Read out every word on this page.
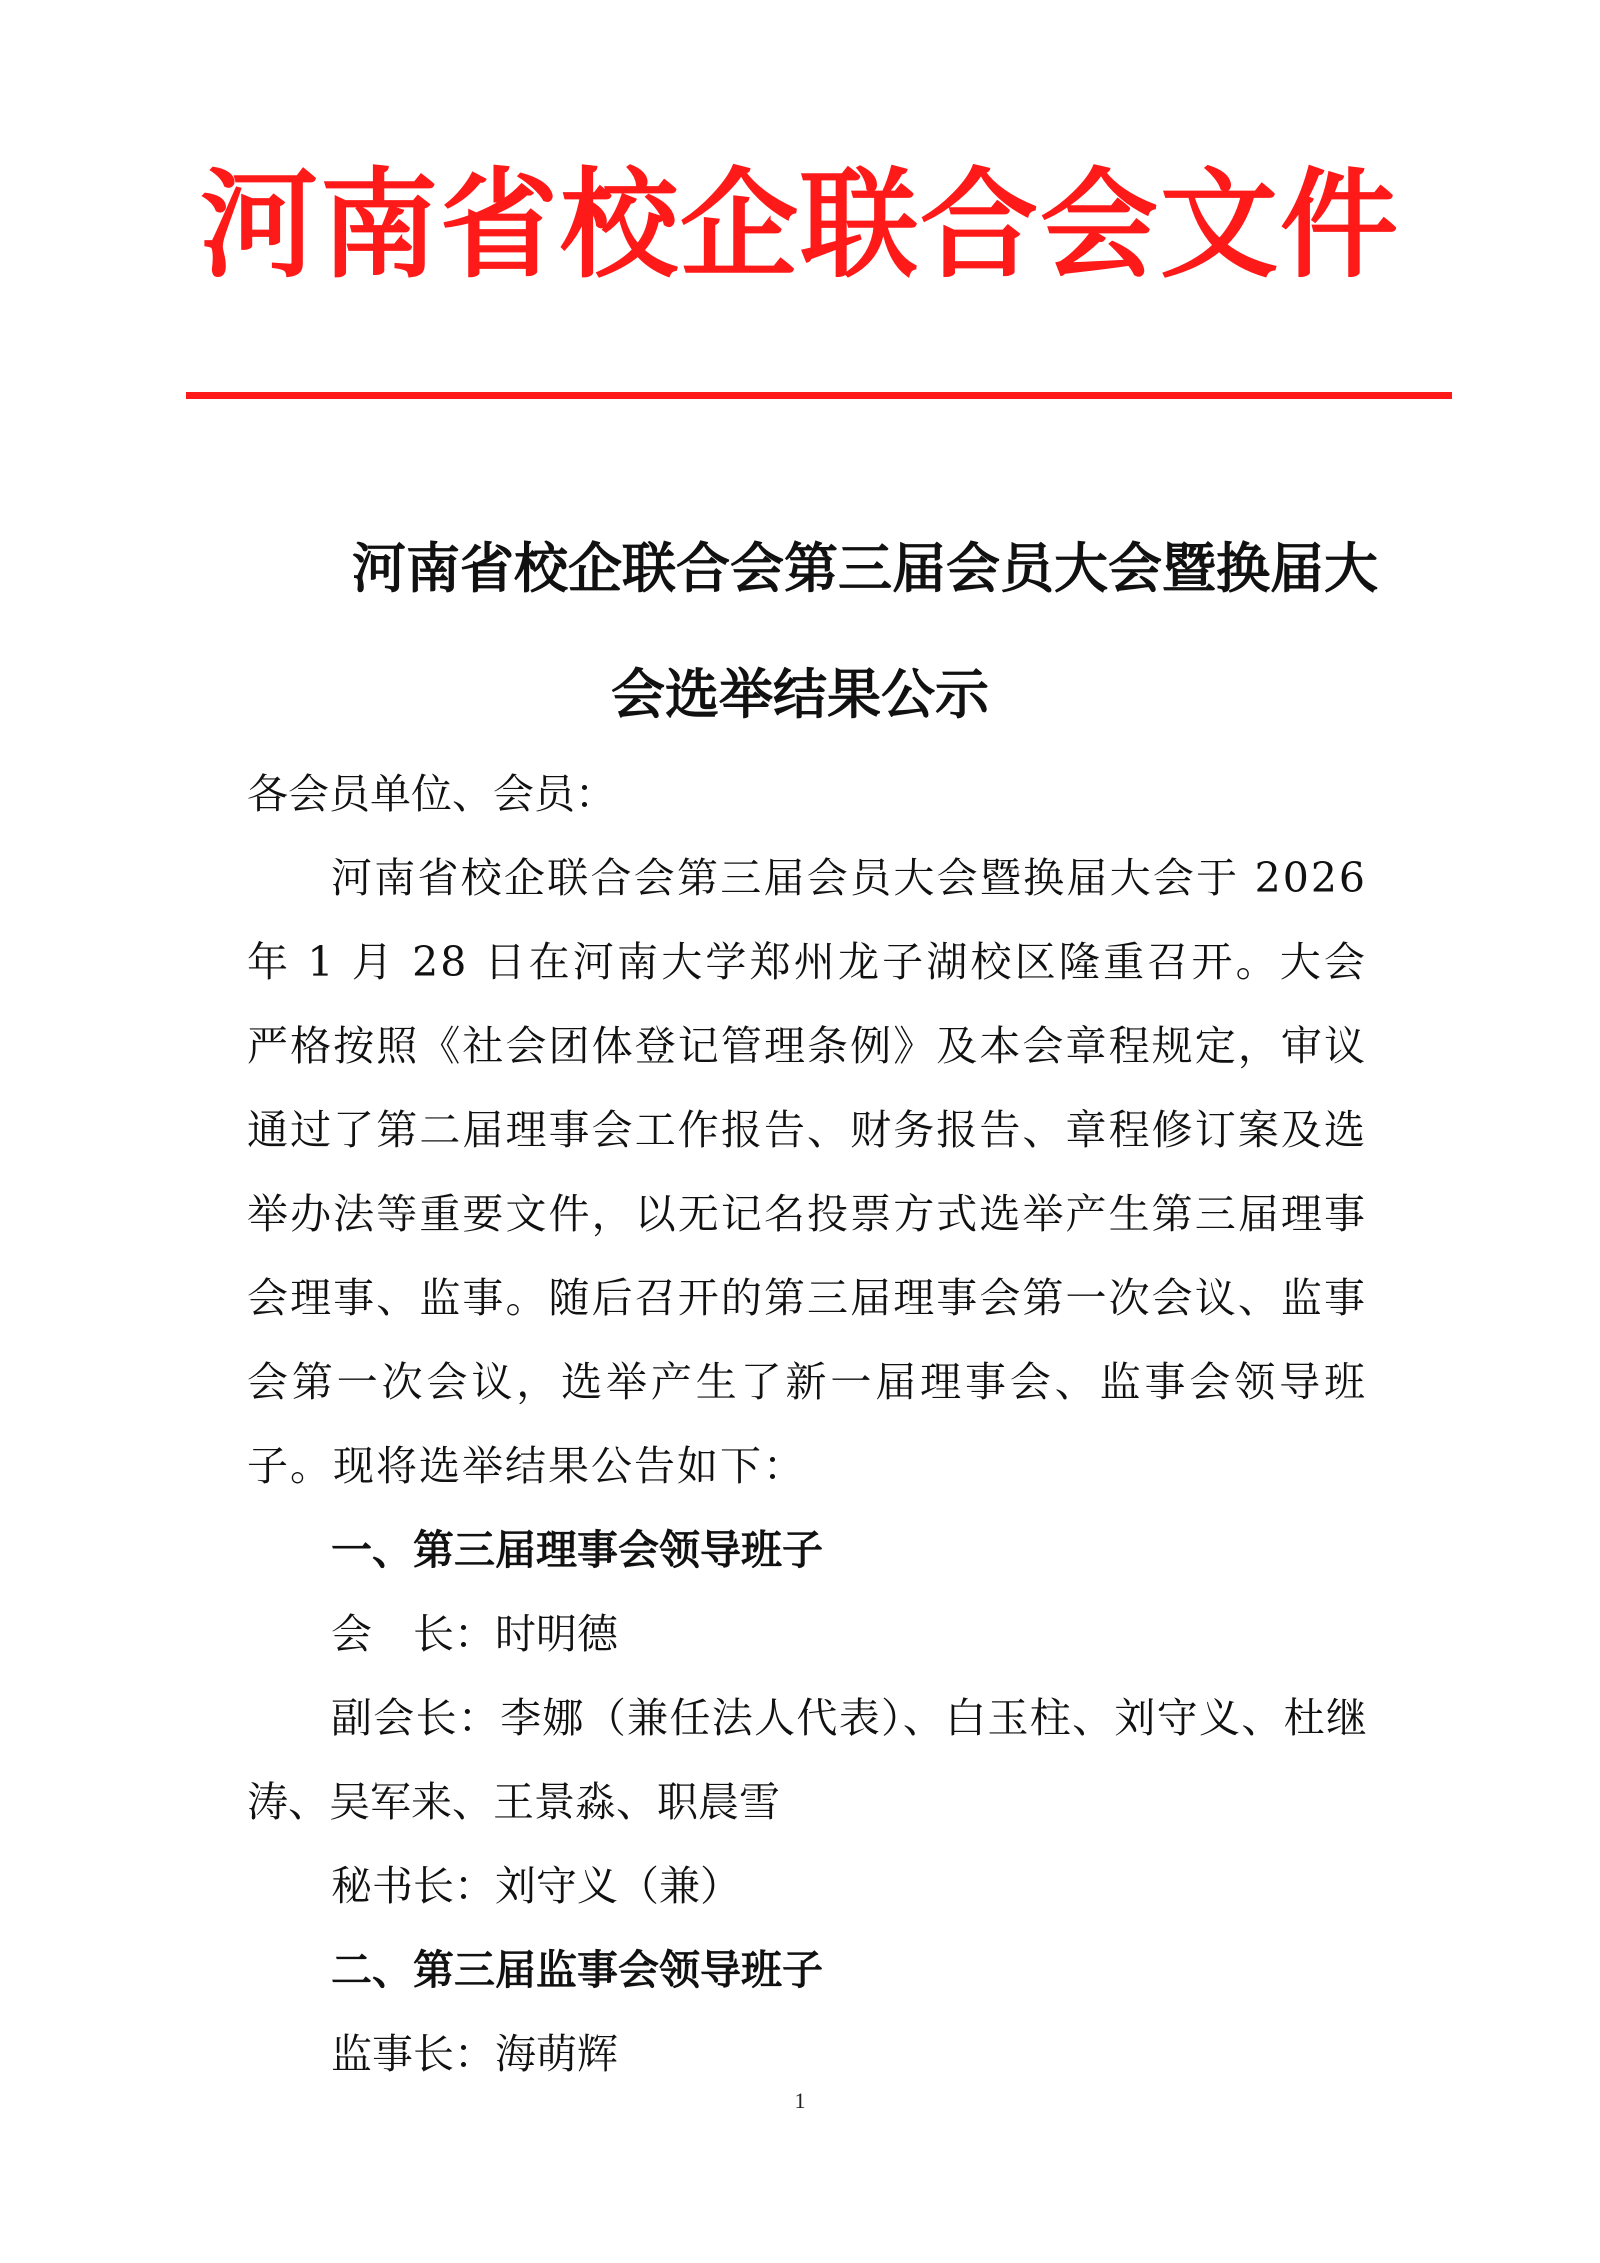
河南省校企联合会文件
河南省校企联合会第三届会员大会暨换届大
会选举结果公示

各会员单位、会员：

河南省校企联合会第三届会员大会暨换届大会于 2026 年 1 月 28 日在河南大学郑州龙子湖校区隆重召开。大会严格按照《社会团体登记管理条例》及本会章程规定，审议通过了第二届理事会工作报告、财务报告、章程修订案及选举办法等重要文件，以无记名投票方式选举产生第三届理事会理事、监事。随后召开的第三届理事会第一次会议、监事会第一次会议，选举产生了新一届理事会、监事会领导班子。现将选举结果公告如下：

一、第三届理事会领导班子

会　长：时明德

副会长：李娜（兼任法人代表）、白玉柱、刘守义、杜继涛、吴军来、王景淼、职晨雪

秘书长：刘守义（兼）

二、第三届监事会领导班子

监事长：海萌辉

1
